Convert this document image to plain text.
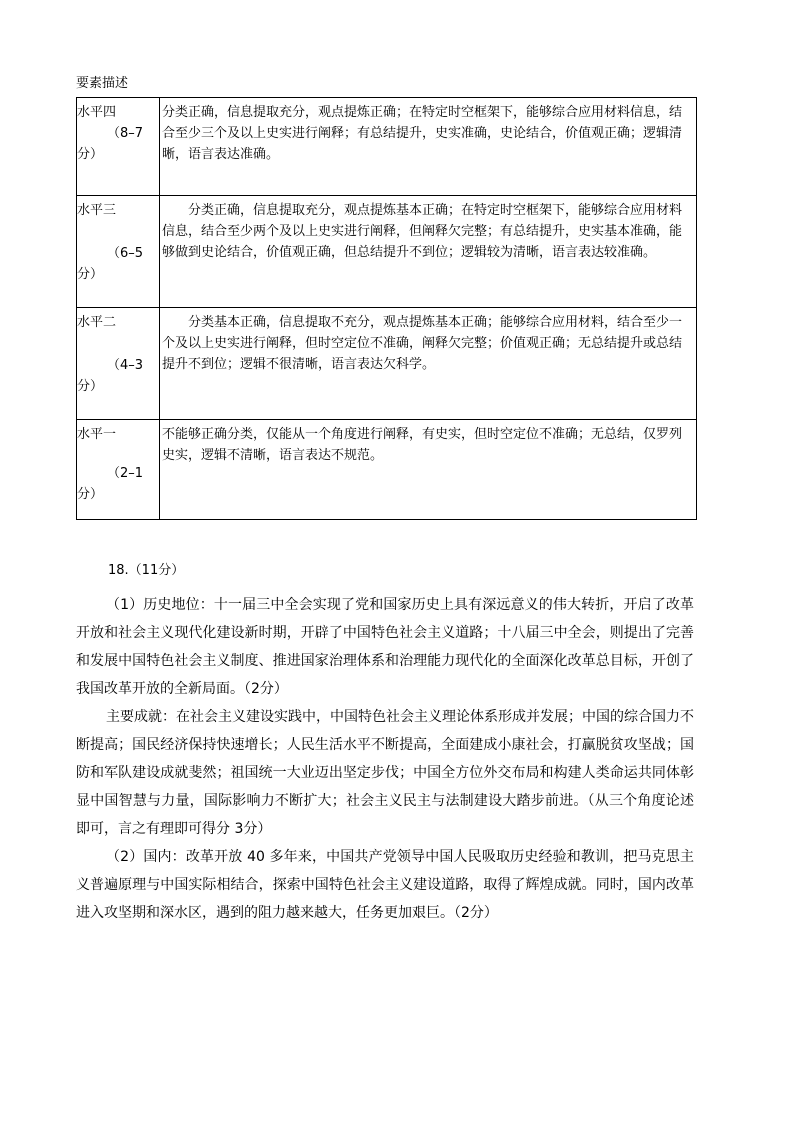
要素描述
水平四
（8–7
分）	分类正确，信息提取充分，观点提炼正确；在特定时空框架下，能够综合应用材料信息，结合至少三个及以上史实进行阐释；有总结提升，史实准确，史论结合，价值观正确；逻辑清晰，语言表达准确。

水平三
（6–5
分）	分类正确，信息提取充分，观点提炼基本正确；在特定时空框架下，能够综合应用材料信息，结合至少两个及以上史实进行阐释，但阐释欠完整；有总结提升，史实基本准确，能够做到史论结合，价值观正确，但总结提升不到位；逻辑较为清晰，语言表达较准确。

水平二
（4–3
分）	分类基本正确，信息提取不充分，观点提炼基本正确；能够综合应用材料，结合至少一个及以上史实进行阐释，但时空定位不准确，阐释欠完整；价值观正确；无总结提升或总结提升不到位；逻辑不很清晰，语言表达欠科学。

水平一
（2–1
分）	不能够正确分类，仅能从一个角度进行阐释，有史实，但时空定位不准确；无总结，仅罗列史实，逻辑不清晰，语言表达不规范。
18.（11分）

（1）历史地位：十一届三中全会实现了党和国家历史上具有深远意义的伟大转折，开启了改革开放和社会主义现代化建设新时期，开辟了中国特色社会主义道路；十八届三中全会，则提出了完善和发展中国特色社会主义制度、推进国家治理体系和治理能力现代化的全面深化改革总目标，开创了我国改革开放的全新局面。（2分）

主要成就：在社会主义建设实践中，中国特色社会主义理论体系形成并发展；中国的综合国力不断提高；国民经济保持快速增长；人民生活水平不断提高，全面建成小康社会，打赢脱贫攻坚战；国防和军队建设成就斐然；祖国统一大业迈出坚定步伐；中国全方位外交布局和构建人类命运共同体彰显中国智慧与力量，国际影响力不断扩大；社会主义民主与法制建设大踏步前进。（从三个角度论述即可，言之有理即可得分 3分）

（2）国内：改革开放 40 多年来，中国共产党领导中国人民吸取历史经验和教训，把马克思主义普遍原理与中国实际相结合，探索中国特色社会主义建设道路，取得了辉煌成就。同时，国内改革进入攻坚期和深水区，遇到的阻力越来越大，任务更加艰巨。（2分）
